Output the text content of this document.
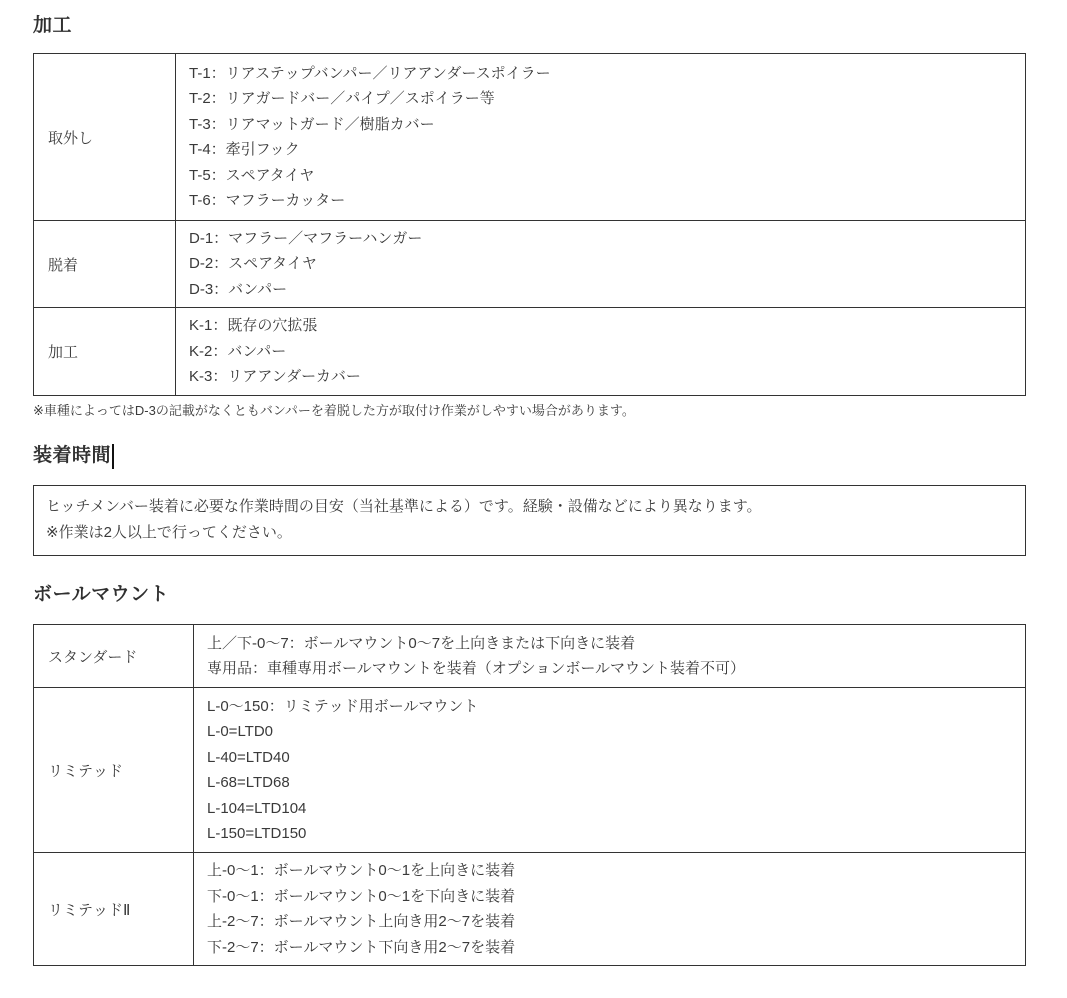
加工
取外し
T-1：リアステップバンパー／リアアンダースポイラー
T-2：リアガードバー／パイプ／スポイラー等
T-3：リアマットガード／樹脂カバー
T-4：牽引フック
T-5：スペアタイヤ
T-6：マフラーカッター
脱着
D-1：マフラー／マフラーハンガー
D-2：スペアタイヤ
D-3：バンパー
加工
K-1：既存の穴拡張
K-2：バンパー
K-3：リアアンダーカバー
※車種によってはD-3の記載がなくともバンパーを着脱した方が取付け作業がしやすい場合があります。
装着時間
ヒッチメンバー装着に必要な作業時間の目安（当社基準による）です。経験・設備などにより異なります。
※作業は2人以上で行ってください。
ボールマウント
スタンダード
上／下-0～7：ボールマウント0～7を上向きまたは下向きに装着
専用品：車種専用ボールマウントを装着（オプションボールマウント装着不可）
リミテッド
L-0～150：リミテッド用ボールマウント
L-0=LTD0
L-40=LTD40
L-68=LTD68
L-104=LTD104
L-150=LTD150
リミテッドⅡ
上-0～1：ボールマウント0～1を上向きに装着
下-0～1：ボールマウント0～1を下向きに装着
上-2～7：ボールマウント上向き用2～7を装着
下-2～7：ボールマウント下向き用2～7を装着
